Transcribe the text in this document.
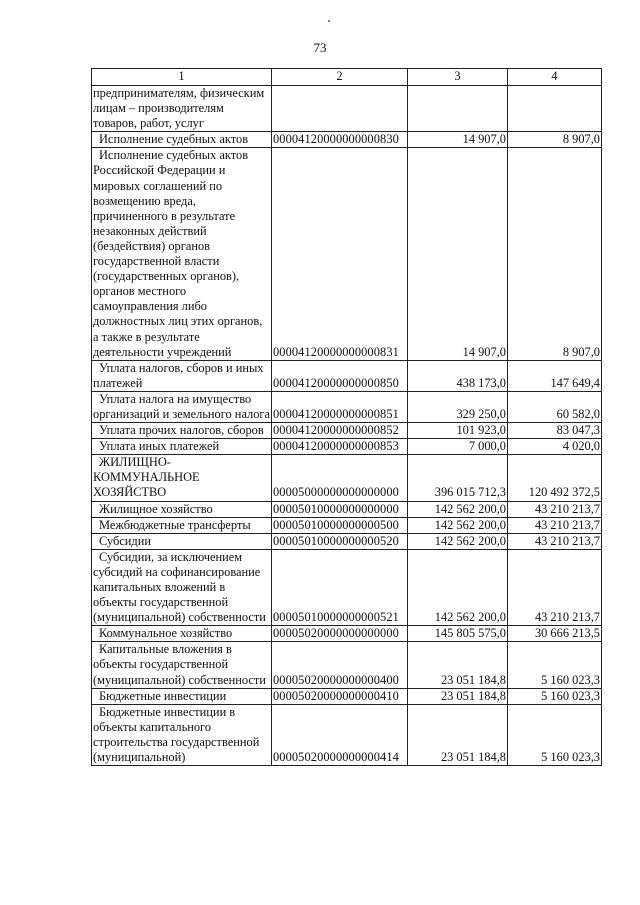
73
1	2	3	4
предпринимателям, физическим лицам – производителям товаров, работ, услуг			
Исполнение судебных актов	00004120000000000830	14 907,0	8 907,0
Исполнение судебных актов Российской Федерации и мировых соглашений по возмещению вреда, причиненного в результате незаконных действий (бездействия) органов государственной власти (государственных органов), органов местного самоуправления либо должностных лиц этих органов, а также в результате деятельности учреждений	00004120000000000831	14 907,0	8 907,0
Уплата налогов, сборов и иных платежей	00004120000000000850	438 173,0	147 649,4
Уплата налога на имущество организаций и земельного налога	00004120000000000851	329 250,0	60 582,0
Уплата прочих налогов, сборов	00004120000000000852	101 923,0	83 047,3
Уплата иных платежей	00004120000000000853	7 000,0	4 020,0
ЖИЛИЩНО-КОММУНАЛЬНОЕ ХОЗЯЙСТВО	00005000000000000000	396 015 712,3	120 492 372,5
Жилищное хозяйство	00005010000000000000	142 562 200,0	43 210 213,7
Межбюджетные трансферты	00005010000000000500	142 562 200,0	43 210 213,7
Субсидии	00005010000000000520	142 562 200,0	43 210 213,7
Субсидии, за исключением субсидий на софинансирование капитальных вложений в объекты государственной (муниципальной) собственности	00005010000000000521	142 562 200,0	43 210 213,7
Коммунальное хозяйство	00005020000000000000	145 805 575,0	30 666 213,5
Капитальные вложения в объекты государственной (муниципальной) собственности	00005020000000000400	23 051 184,8	5 160 023,3
Бюджетные инвестиции	00005020000000000410	23 051 184,8	5 160 023,3
Бюджетные инвестиции в объекты капитального строительства государственной (муниципальной)	00005020000000000414	23 051 184,8	5 160 023,3
